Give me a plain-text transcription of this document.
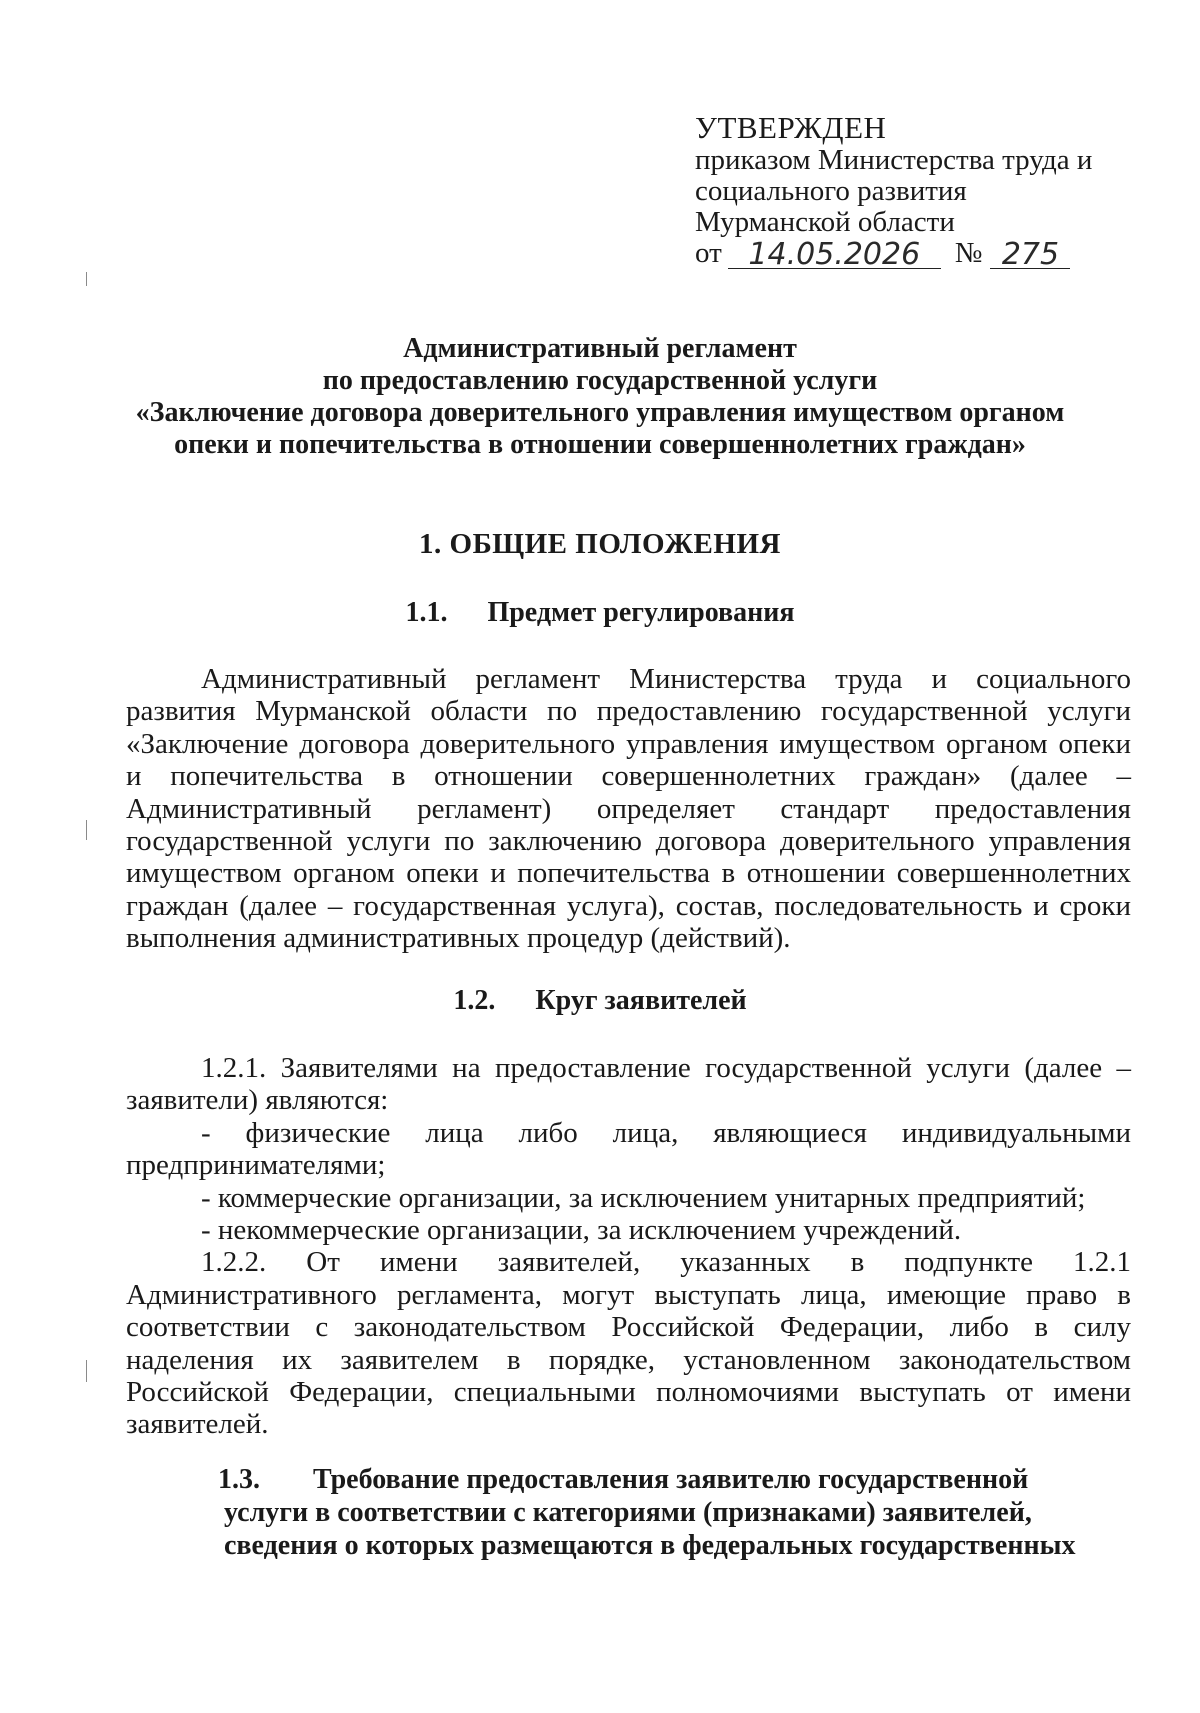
УТВЕРЖДЕН
приказом Министерства труда и
социального развития
Мурманской области
от 14.05.2026	№ 275
Административный регламент
по предоставлению государственной услуги
«Заключение договора доверительного управления имуществом органом
опеки и попечительства в отношении совершеннолетних граждан»
1. ОБЩИЕ ПОЛОЖЕНИЯ
1.1. Предмет регулирования

Административный регламент Министерства труда и социального развития Мурманской области по предоставлению государственной услуги «Заключение договора доверительного управления имуществом органом опеки и попечительства в отношении совершеннолетних граждан» (далее – Административный регламент) определяет стандарт предоставления государственной услуги по заключению договора доверительного управления имуществом органом опеки и попечительства в отношении совершеннолетних граждан (далее – государственная услуга), состав, последовательность и сроки выполнения административных процедур (действий).

1.2. Круг заявителей

1.2.1. Заявителями на предоставление государственной услуги (далее – заявители) являются:

- физические лица либо лица, являющиеся индивидуальными предпринимателями;

- коммерческие организации, за исключением унитарных предприятий;

- некоммерческие организации, за исключением учреждений.

1.2.2. От имени заявителей, указанных в подпункте 1.2.1 Административного регламента, могут выступать лица, имеющие право в соответствии с законодательством Российской Федерации, либо в силу наделения их заявителем в порядке, установленном законодательством Российской Федерации, специальными полномочиями выступать от имени заявителей.

1.3. Требование предоставления заявителю государственной
услуги в соответствии с категориями (признаками) заявителей,
сведения о которых размещаются в федеральных государственных
